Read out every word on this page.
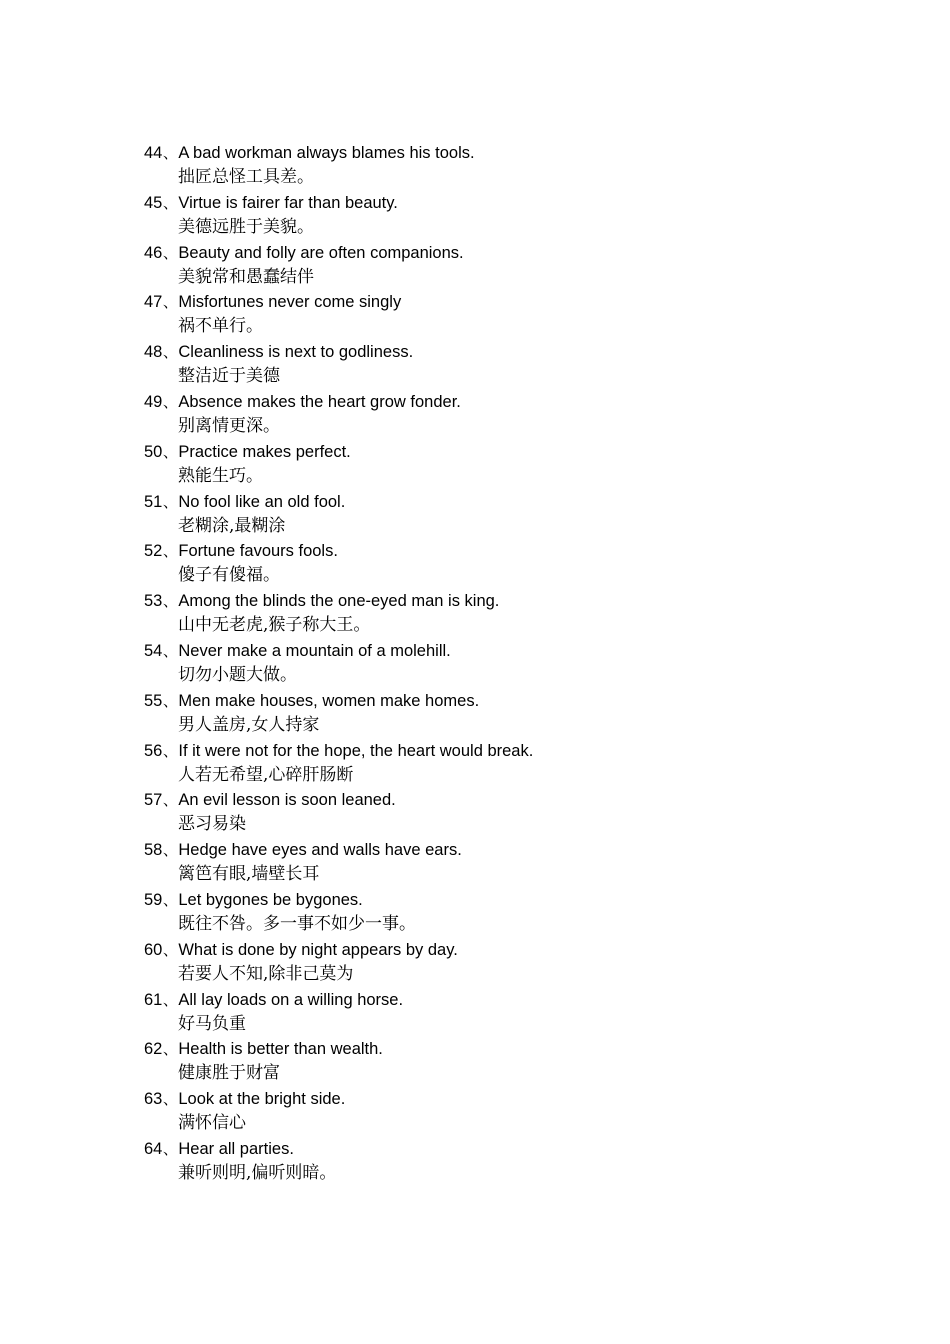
44、A bad workman always blames his tools.
拙匠总怪工具差。
45、Virtue is fairer far than beauty.
美德远胜于美貌。
46、Beauty and folly are often companions.
美貌常和愚蠢结伴
47、Misfortunes never come singly
祸不单行。
48、Cleanliness is next to godliness.
整洁近于美德
49、Absence makes the heart grow fonder.
别离情更深。
50、Practice makes perfect.
熟能生巧。
51、No fool like an old fool.
老糊涂,最糊涂
52、Fortune favours fools.
傻子有傻福。
53、Among the blinds the one-eyed man is king.
山中无老虎,猴子称大王。
54、Never make a mountain of a molehill.
切勿小题大做。
55、Men make houses, women make homes.
男人盖房,女人持家
56、If it were not for the hope, the heart would break.
人若无希望,心碎肝肠断
57、An evil lesson is soon leaned.
恶习易染
58、Hedge have eyes and walls have ears.
篱笆有眼,墙壁长耳
59、Let bygones be bygones.
既往不咎。多一事不如少一事。
60、What is done by night appears by day.
若要人不知,除非己莫为
61、All lay loads on a willing horse.
好马负重
62、Health is better than wealth.
健康胜于财富
63、Look at the bright side.
满怀信心
64、Hear all parties.
兼听则明,偏听则暗。
